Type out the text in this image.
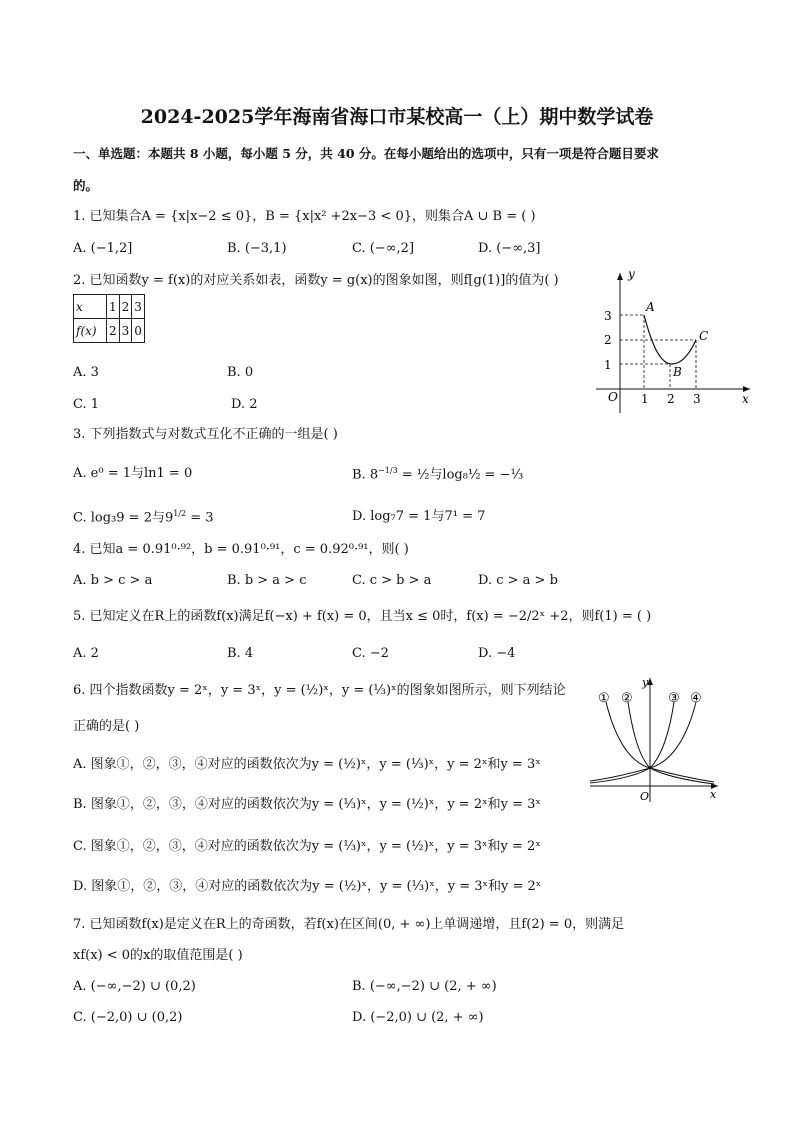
2024-2025学年海南省海口市某校高一（上）期中数学试卷
一、单选题：本题共 8 小题，每小题 5 分，共 40 分。在每小题给出的选项中，只有一项是符合题目要求
的。
1. 已知集合A = {x|x−2 ≤ 0}，B = {x|x² +2x−3 < 0}，则集合A ∪ B = ( )
A. (−1,2]	B. (−3,1)	C. (−∞,2]	D. (−∞,3]
2. 已知函数y = f(x)的对应关系如表，函数y = g(x)的图象如图，则f[g(1)]的值为( )
x	1	2	3
f(x)	2	3	0
A. 3	B. 0
C. 1	D. 2
y
x
O
3
2
1
1 2 3
A
B
C
3. 下列指数式与对数式互化不正确的一组是( )
A. e⁰ = 1与ln1 = 0	B. $8^{-1/3}$ = ½与log₈½ = −⅓
C. log₃9 = 2与$9^{1/2} = 3$	D. log₇7 = 1与7¹ = 7
4. 已知a = 0.91⁰·⁹²，b = 0.91⁰·⁹¹，c = 0.92⁰·⁹¹，则( )
A. b > c > a	B. b > a > c	C. c > b > a	D. c > a > b
5. 已知定义在R上的函数f(x)满足f(−x) + f(x) = 0，且当x ≤ 0时，f(x) = −2/2ˣ +2，则f(1) = ( )
A. 2	B. 4	C. −2	D. −4
6. 四个指数函数y = 2ˣ，y = 3ˣ，y = (½)ˣ，y = (⅓)ˣ的图象如图所示，则下列结论
正确的是( )
A. 图象①，②，③，④对应的函数依次为y = (½)ˣ，y = (⅓)ˣ，y = 2ˣ和y = 3ˣ
B. 图象①，②，③，④对应的函数依次为y = (⅓)ˣ，y = (½)ˣ，y = 2ˣ和y = 3ˣ
C. 图象①，②，③，④对应的函数依次为y = (⅓)ˣ，y = (½)ˣ，y = 3ˣ和y = 2ˣ
D. 图象①，②，③，④对应的函数依次为y = (½)ˣ，y = (⅓)ˣ，y = 3ˣ和y = 2ˣ
y
x
O
① ②	③ ④
7. 已知函数f(x)是定义在R上的奇函数，若f(x)在区间(0, + ∞)上单调递增，且f(2) = 0，则满足
xf(x) < 0的x的取值范围是( )
A. (−∞,−2) ∪ (0,2)	B. (−∞,−2) ∪ (2, + ∞)
C. (−2,0) ∪ (0,2)	D. (−2,0) ∪ (2, + ∞)
